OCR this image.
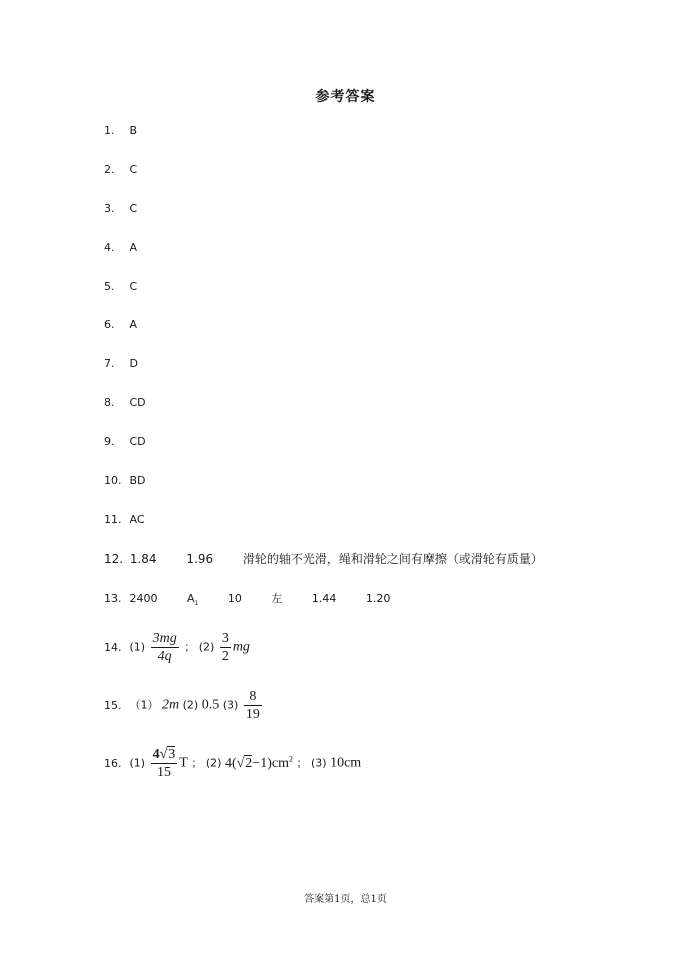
参考答案
1. B
2. C
3. C
4. A
5. C
6. A
7. D
8. CD
9. CD
10. BD
11. AC
12. 1.84 1.96 滑轮的轴不光滑，绳和滑轮之间有摩擦（或滑轮有质量）
13. 2400	$A_1$	10	左	1.44	1.20
14. $(1) \frac{3mg}{4q}$ ； $(2) \frac{3}{2}$ mg
15. （1） 2m (2) 0.5 $(3) \frac{8}{19}$
16. $(1) \frac{4√3}{15}$ T ； (2) $4(√2-1)cm^2$ ； (3) 10cm
答案第1页，总1页
